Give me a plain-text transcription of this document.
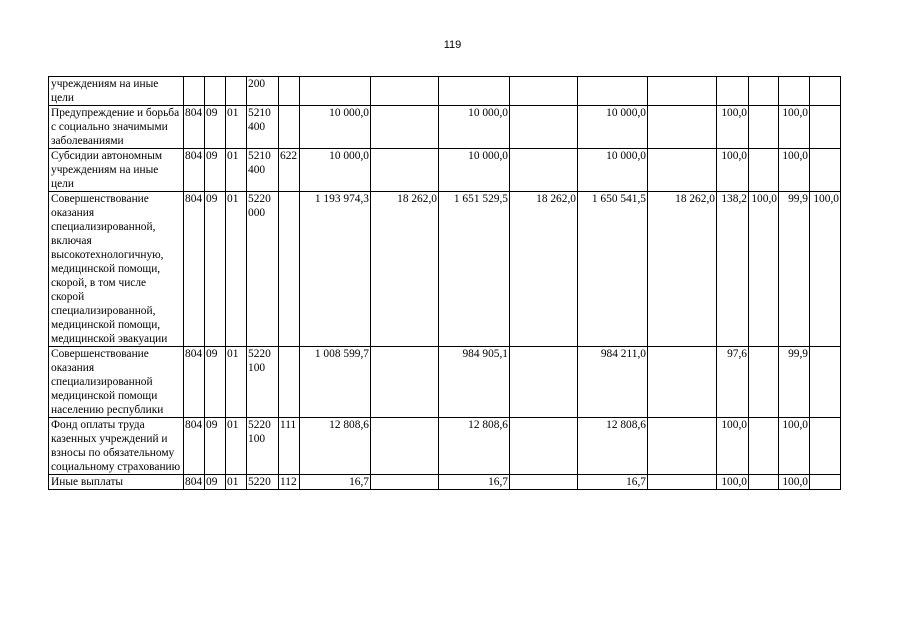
119
учреждениям на иные цели				200											
Предупреждение и борьба с социально значимыми заболеваниями	804	09	01	5210 400		10 000,0		10 000,0		10 000,0		100,0		100,0	
Субсидии автономным учреждениям на иные цели	804	09	01	5210 400	622	10 000,0		10 000,0		10 000,0		100,0		100,0	
Совершенствование оказания специализированной, включая высокотехнологичную, медицинской помощи, скорой, в том числе скорой специализированной, медицинской помощи, медицинской эвакуации	804	09	01	5220 000		1 193 974,3	18 262,0	1 651 529,5	18 262,0	1 650 541,5	18 262,0	138,2	100,0	99,9	100,0
Совершенствование оказания специализированной медицинской помощи населению республики	804	09	01	5220 100		1 008 599,7		984 905,1		984 211,0		97,6		99,9	
Фонд оплаты труда казенных учреждений и взносы по обязательному социальному страхованию	804	09	01	5220 100	111	12 808,6		12 808,6		12 808,6		100,0		100,0	
Иные выплаты	804	09	01	5220	112	16,7		16,7		16,7		100,0		100,0	
